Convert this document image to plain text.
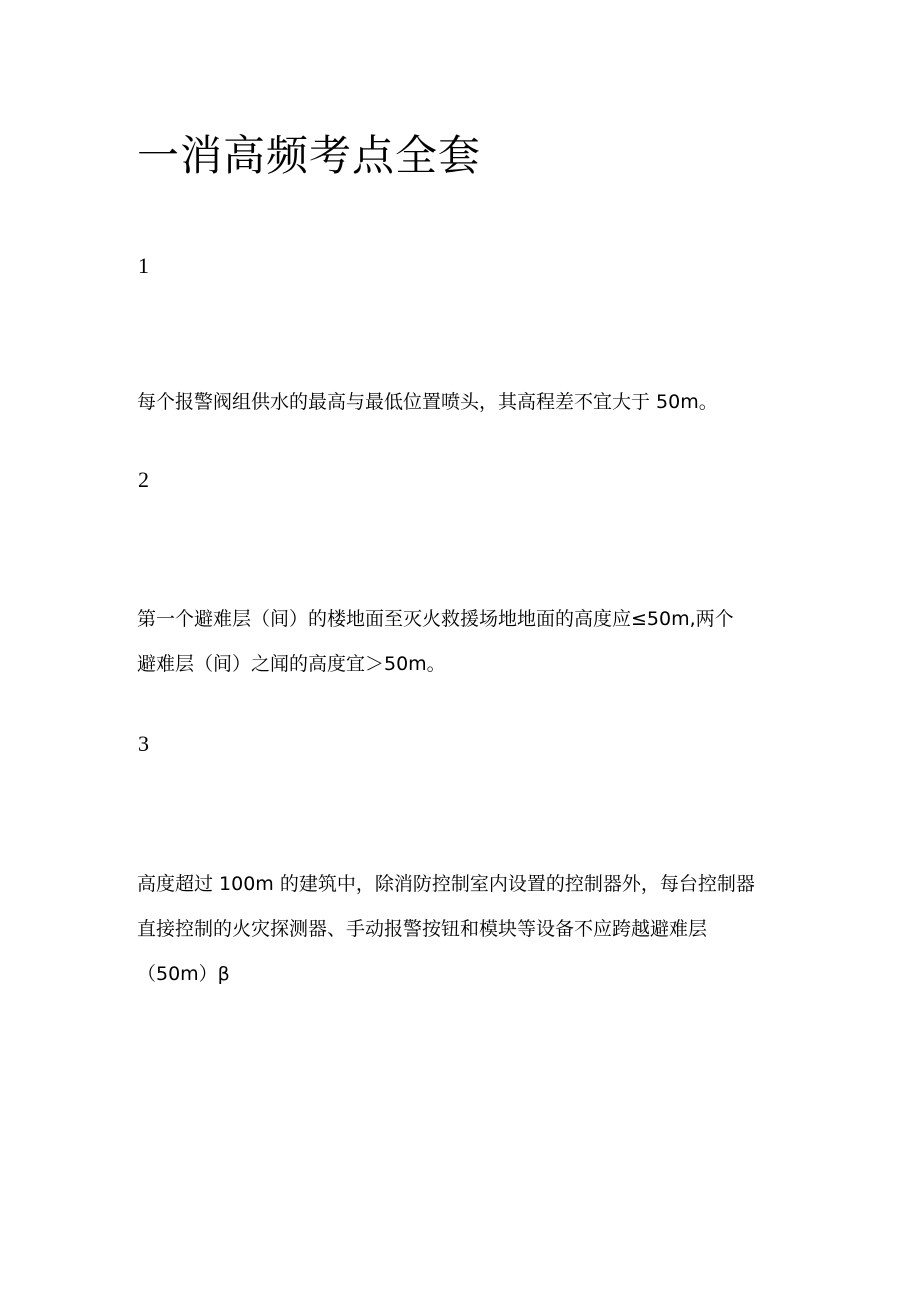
一消高频考点全套

1

每个报警阀组供水的最高与最低位置喷头，其高程差不宜大于 50m。

2

第一个避难层（间）的楼地面至灭火救援场地地面的高度应≤50m,两个
避难层（间）之闻的高度宜＞50m。

3

高度超过 100m 的建筑中，除消防控制室内设置的控制器外，每台控制器
直接控制的火灾探测器、手动报警按钮和模块等设备不应跨越避难层
（50m）β
